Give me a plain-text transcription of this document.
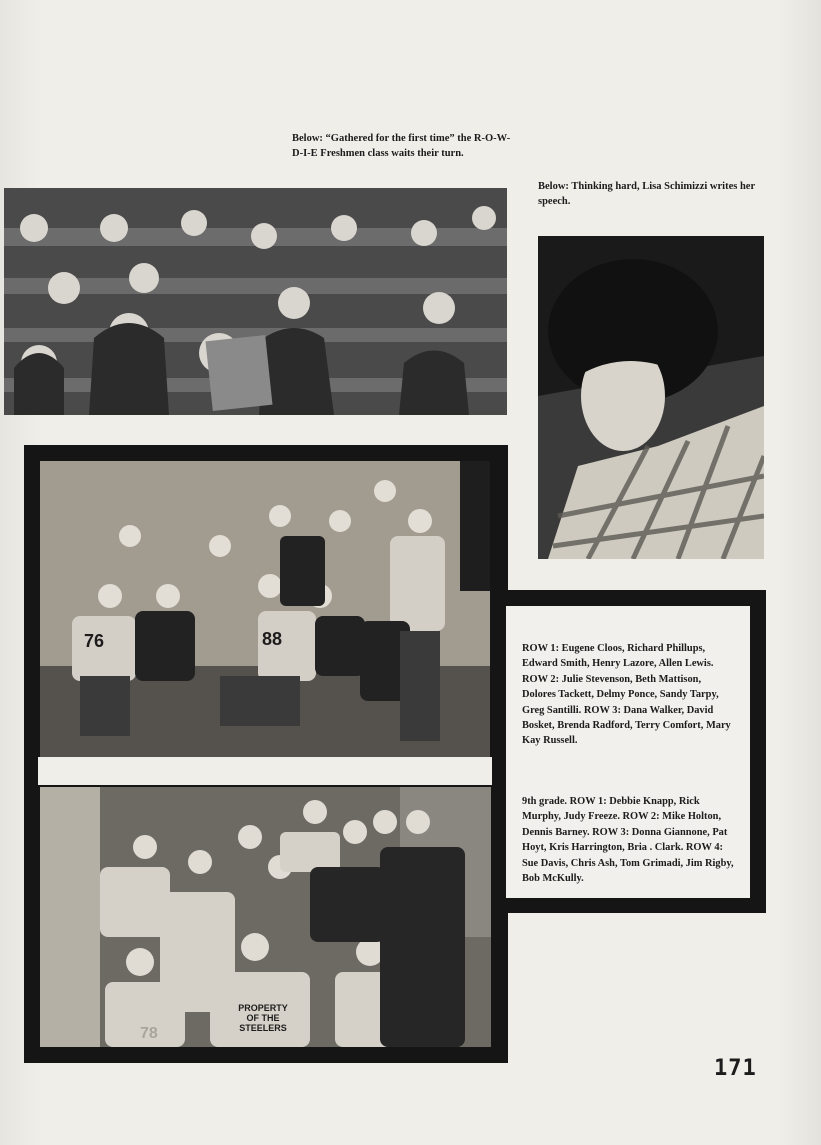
Below: “Gathered for the first time” the R-O-W-D-I-E Freshmen class waits their turn.
Below: Thinking hard, Lisa Schimizzi writes her speech.
76	88
PROPERTY OF THE STEELERS
78
ROW 1: Eugene Cloos, Richard Phillups, Edward Smith, Henry Lazore, Allen Lewis. ROW 2: Julie Stevenson, Beth Mattison, Dolores Tackett, Delmy Ponce, Sandy Tarpy, Greg Santilli. ROW 3: Dana Walker, David Bosket, Brenda Radford, Terry Comfort, Mary Kay Russell.
9th grade. ROW 1: Debbie Knapp, Rick Murphy, Judy Freeze. ROW 2: Mike Holton, Dennis Barney. ROW 3: Donna Giannone, Pat Hoyt, Kris Harrington, Bria . Clark. ROW 4: Sue Davis, Chris Ash, Tom Grimadi, Jim Rigby, Bob McKully.
171
